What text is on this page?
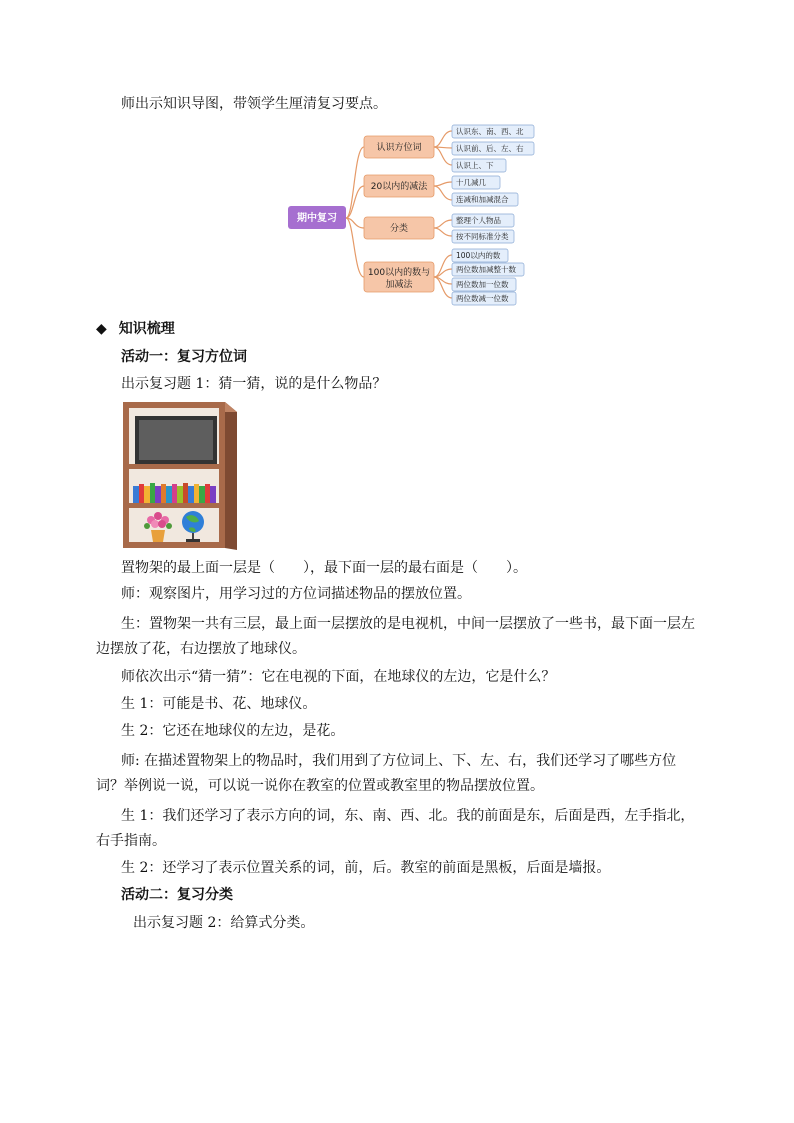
师出示知识导图，带领学生厘清复习要点。
期中复习
认识方位词
20以内的减法
分类
100以内的数与
加减法
认识东、南、西、北
认识前、后、左、右
认识上、下
十几减几
连减和加减混合
整理个人物品
按不同标准分类
100以内的数
两位数加减整十数
两位数加一位数
两位数减一位数
◆ 知识梳理
活动一：复习方位词
出示复习题 1：猜一猜，说的是什么物品？
置物架的最上面一层是（　　），最下面一层的最右面是（　　）。
师：观察图片，用学习过的方位词描述物品的摆放位置。
生：置物架一共有三层，最上面一层摆放的是电视机，中间一层摆放了一些书，最下面一层左边摆放了花，右边摆放了地球仪。
师依次出示“猜一猜”：它在电视的下面，在地球仪的左边，它是什么？
生 1：可能是书、花、地球仪。
生 2：它还在地球仪的左边，是花。
师: 在描述置物架上的物品时，我们用到了方位词上、下、左、右，我们还学习了哪些方位词？举例说一说，可以说一说你在教室的位置或教室里的物品摆放位置。
生 1：我们还学习了表示方向的词，东、南、西、北。我的前面是东，后面是西，左手指北，右手指南。
生 2：还学习了表示位置关系的词，前，后。教室的前面是黑板，后面是墙报。
活动二：复习分类
出示复习题 2：给算式分类。
